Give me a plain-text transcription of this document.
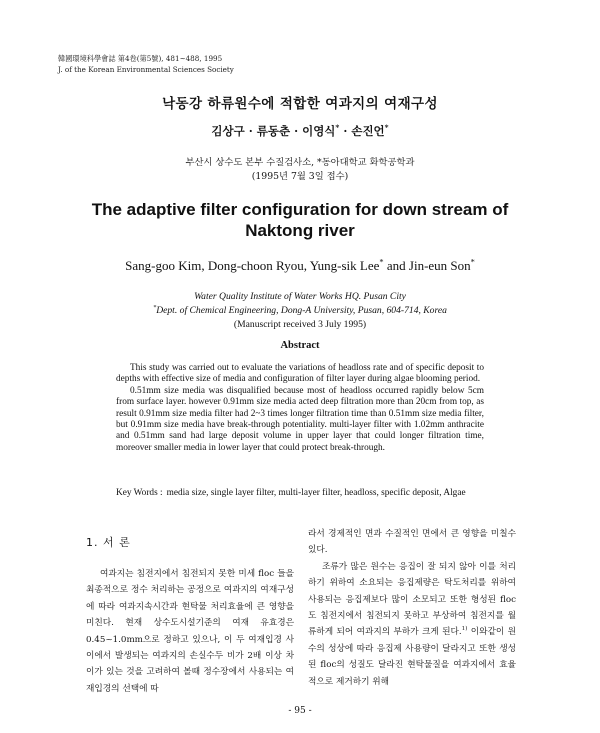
韓國環境科學會誌 第4卷(第5號), 481~488, 1995
J. of the Korean Environmental Sciences Society
낙동강 하류원수에 적합한 여과지의 여재구성
김상구 · 류동춘 · 이영식* · 손진언*
부산시 상수도 본부 수질검사소, *동아대학교 화학공학과
(1995년 7월 3일 접수)
The adaptive filter configuration for down stream of
Naktong river
Sang-goo Kim, Dong-choon Ryou, Yung-sik Lee* and Jin-eun Son*
Water Quality Institute of Water Works HQ. Pusan City
*Dept. of Chemical Engineering, Dong-A University, Pusan, 604-714, Korea
(Manuscript received 3 July 1995)
Abstract

This study was carried out to evaluate the variations of headloss rate and of specific deposit to depths with effective size of media and configuration of filter layer during algae blooming period.

0.51mm size media was disqualified because most of headloss occurred rapidly below 5cm from surface layer. however 0.91mm size media acted deep filtration more than 20cm from top, as result 0.91mm size media filter had 2~3 times longer filtration time than 0.51mm size media filter, but 0.91mm size media have break-through potentiality. multi-layer filter with 1.02mm anthracite and 0.51mm sand had large deposit volume in upper layer that could longer filtration time, moreover smaller media in lower layer that could protect break-through.

Key Words : media size, single layer filter, multi-layer filter, headloss, specific deposit, Algae
1. 서 론

여과지는 침전지에서 침전되지 못한 미세 floc 들을 최종적으로 정수 처리하는 공정으로 여과지의 여재구성에 따라 여과지속시간과 현탁물 처리효율에 큰 영향을 미친다. 현재 상수도시설기준의 여재 유효경은 0.45~1.0mm으로 정하고 있으나, 이 두 여재입경 사이에서 발생되는 여과지의 손실수두 비가 2배 이상 차이가 있는 것을 고려하여 볼때 정수장에서 사용되는 여재입경의 선택에 따

라서 경제적인 면과 수질적인 면에서 큰 영향을 미칠수 있다.

조류가 많은 원수는 응집이 잘 되지 않아 이를 처리하기 위하여 소요되는 응집제량은 탁도처리를 위하여 사용되는 응집제보다 많이 소모되고 또한 형성된 floc도 침전지에서 침전되지 못하고 부상하여 침전지를 월류하게 되어 여과지의 부하가 크게 된다.$^{1)}$ 이와같이 원수의 성상에 따라 응집제 사용량이 달라지고 또한 생성된 floc의 성질도 달라진 현탁물질을 여과지에서 효율적으로 제거하기 위해

- 95 -
